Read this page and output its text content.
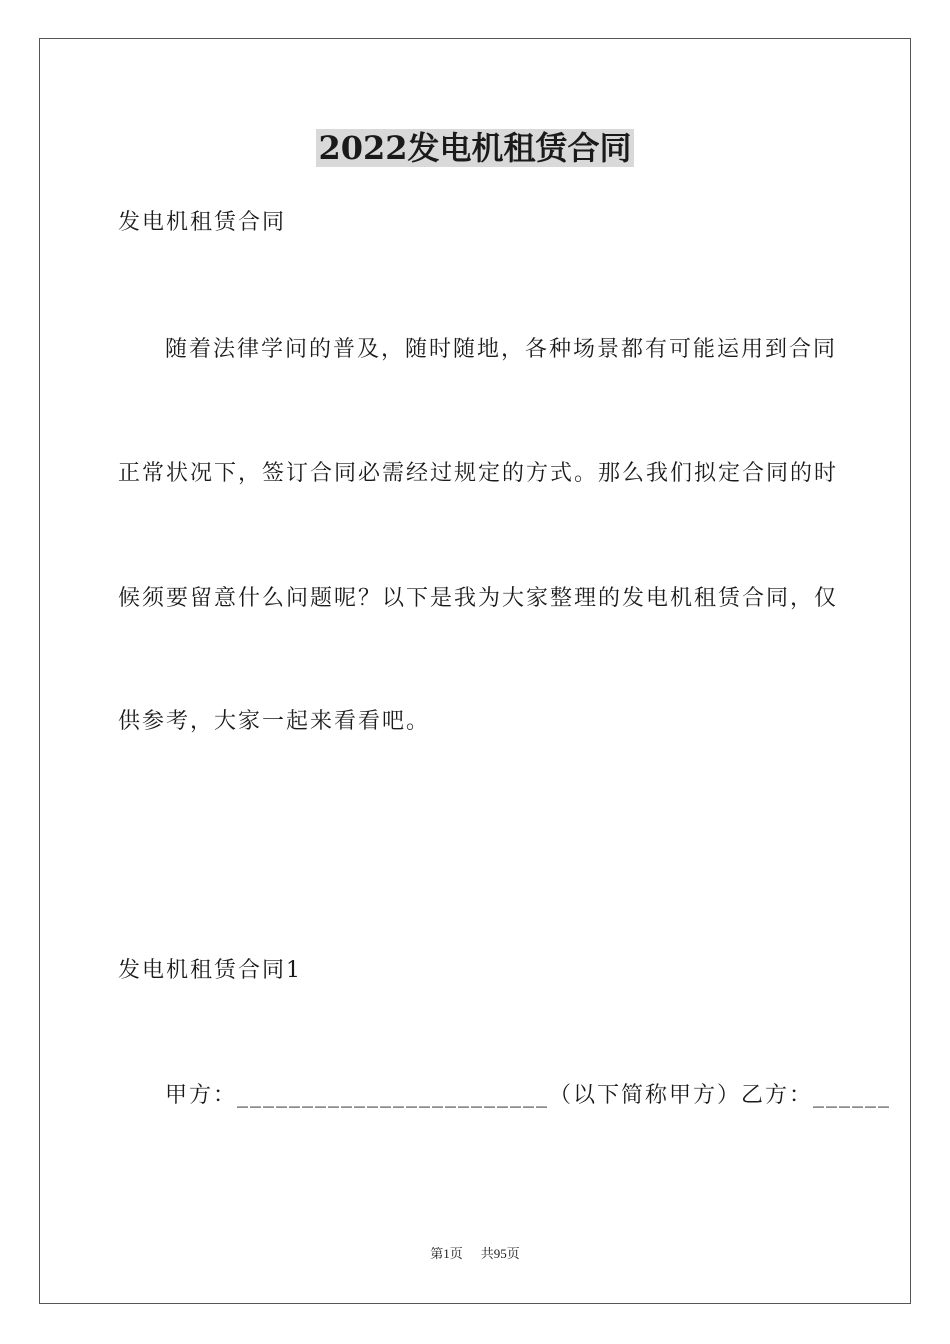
2022发电机租赁合同
发电机租赁合同
随着法律学问的普及，随时随地，各种场景都有可能运用到合同
正常状况下，签订合同必需经过规定的方式。那么我们拟定合同的时
候须要留意什么问题呢？以下是我为大家整理的发电机租赁合同，仅
供参考，大家一起来看看吧。
发电机租赁合同1
甲方：________________________（以下简称甲方）乙方：______
第1页 共95页
